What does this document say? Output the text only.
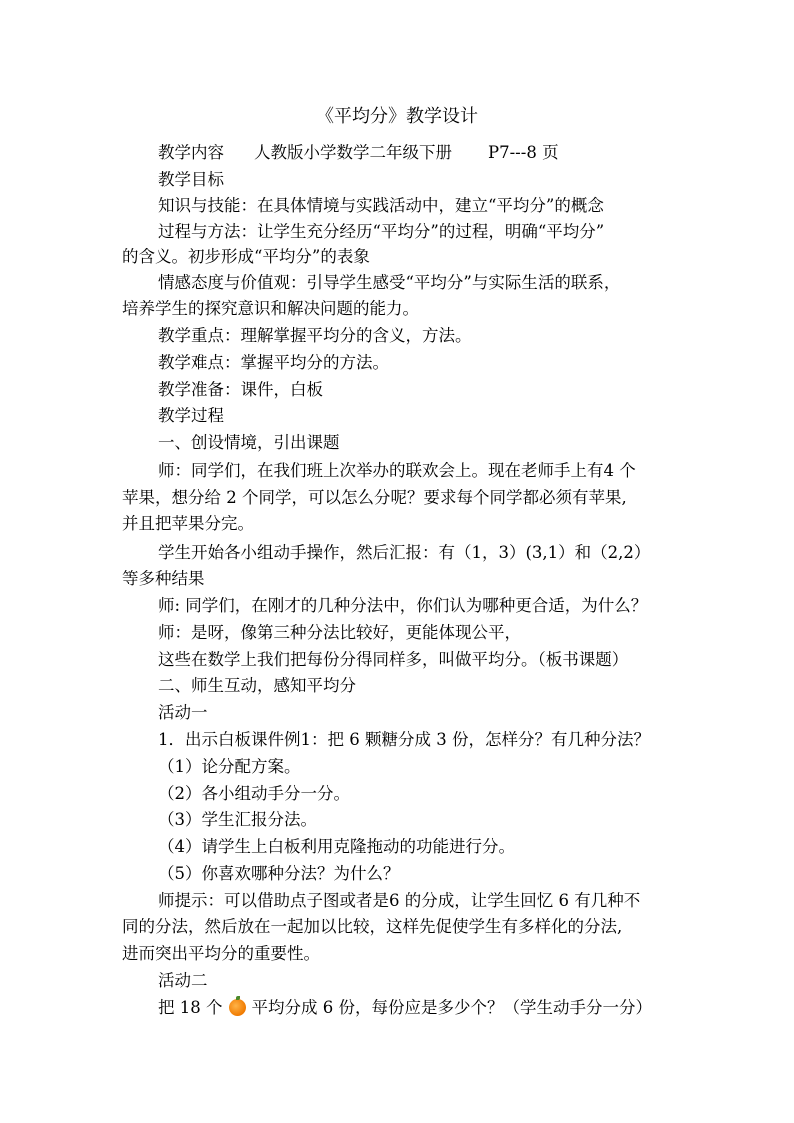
《平均分》教学设计
教学内容 人教版小学数学二年级下册 P7---8 页
教学目标
知识与技能：在具体情境与实践活动中，建立“平均分”的概念
过程与方法：让学生充分经历“平均分”的过程，明确“平均分”
的含义。初步形成“平均分”的表象
情感态度与价值观：引导学生感受“平均分”与实际生活的联系，
培养学生的探究意识和解决问题的能力。
教学重点：理解掌握平均分的含义，方法。
教学难点：掌握平均分的方法。
教学准备：课件，白板
教学过程
一、创设情境，引出课题
师：同学们，在我们班上次举办的联欢会上。现在老师手上有4 个
苹果，想分给 2 个同学，可以怎么分呢？要求每个同学都必须有苹果,
并且把苹果分完。
学生开始各小组动手操作，然后汇报：有（1，3）(3,1）和（2,2）
等多种结果
师: 同学们，在刚才的几种分法中，你们认为哪种更合适，为什么？
师：是呀，像第三种分法比较好，更能体现公平，
这些在数学上我们把每份分得同样多，叫做平均分。（板书课题）
二、师生互动，感知平均分
活动一
1．出示白板课件例1：把 6 颗糖分成 3 份，怎样分？有几种分法？
（1）论分配方案。
（2）各小组动手分一分。
（3）学生汇报分法。
（4）请学生上白板利用克隆拖动的功能进行分。
（5）你喜欢哪种分法？为什么？
师提示：可以借助点子图或者是6 的分成，让学生回忆 6 有几种不
同的分法，然后放在一起加以比较，这样先促使学生有多样化的分法,
进而突出平均分的重要性。
活动二
把 18 个 平均分成 6 份，每份应是多少个？（学生动手分一分）
